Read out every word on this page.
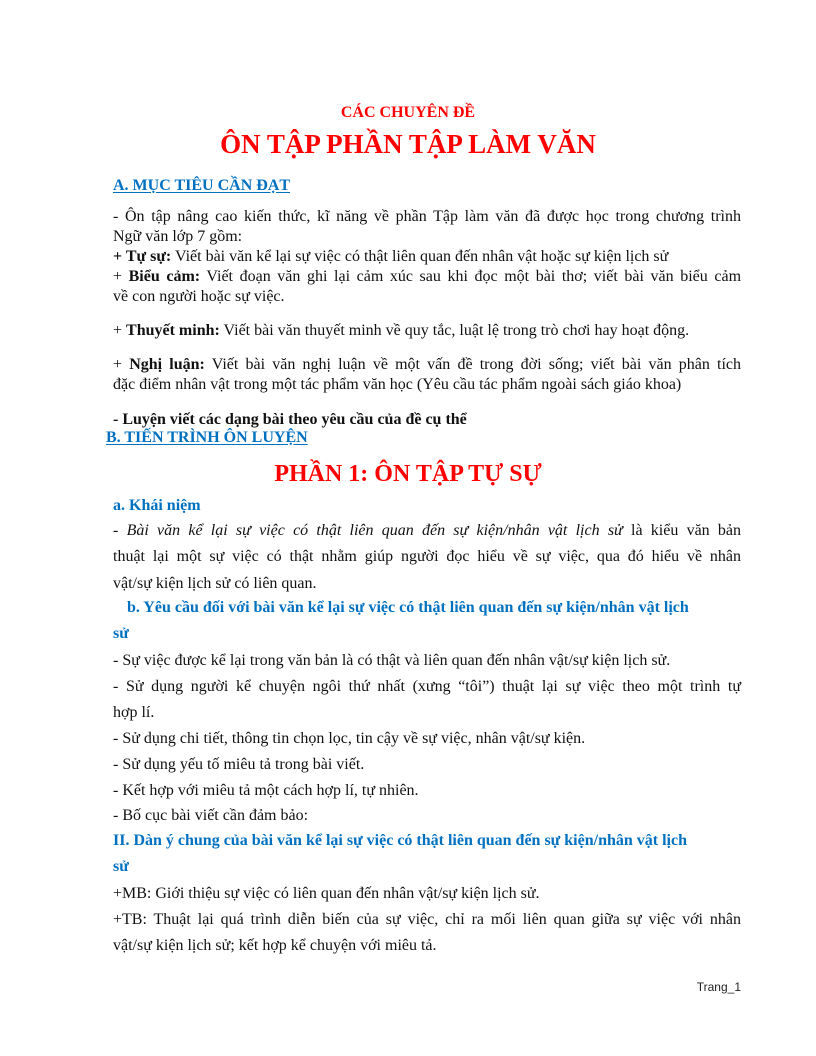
CÁC CHUYÊN ĐỀ
ÔN TẬP PHẦN TẬP LÀM VĂN
A. MỤC TIÊU CẦN ĐẠT
- Ôn tập nâng cao kiến thức, kĩ năng về phần Tập làm văn đã được học trong chương trình
Ngữ văn lớp 7 gồm:
+ Tự sự: Viết bài văn kể lại sự việc có thật liên quan đến nhân vật hoặc sự kiện lịch sử
+ Biểu cảm: Viết đoạn văn ghi lại cảm xúc sau khi đọc một bài thơ; viết bài văn biểu cảm
về con người hoặc sự việc.
+ Thuyết minh: Viết bài văn thuyết minh về quy tắc, luật lệ trong trò chơi hay hoạt động.
+ Nghị luận: Viết bài văn nghị luận về một vấn đề trong đời sống; viết bài văn phân tích
đặc điểm nhân vật trong một tác phẩm văn học (Yêu cầu tác phẩm ngoài sách giáo khoa)
- Luyện viết các dạng bài theo yêu cầu của đề cụ thể
B. TIẾN TRÌNH ÔN LUYỆN
PHẦN 1: ÔN TẬP TỰ SỰ
a. Khái niệm
- Bài văn kể lại sự việc có thật liên quan đến sự kiện/nhân vật lịch sử là kiểu văn bản
thuật lại một sự việc có thật nhằm giúp người đọc hiểu về sự việc, qua đó hiểu về nhân
vật/sự kiện lịch sử có liên quan.
b. Yêu cầu đối với bài văn kể lại sự việc có thật liên quan đến sự kiện/nhân vật lịch
sử
- Sự việc được kể lại trong văn bản là có thật và liên quan đến nhân vật/sự kiện lịch sử.
- Sử dụng người kể chuyện ngôi thứ nhất (xưng “tôi”) thuật lại sự việc theo một trình tự
hợp lí.
- Sử dụng chi tiết, thông tin chọn lọc, tin cậy về sự việc, nhân vật/sự kiện.
- Sử dụng yếu tố miêu tả trong bài viết.
- Kết hợp với miêu tả một cách hợp lí, tự nhiên.
- Bố cục bài viết cần đảm bảo:
II. Dàn ý chung của bài văn kể lại sự việc có thật liên quan đến sự kiện/nhân vật lịch
sử
+MB: Giới thiệu sự việc có liên quan đến nhân vật/sự kiện lịch sử.
+TB: Thuật lại quá trình diễn biến của sự việc, chỉ ra mối liên quan giữa sự việc với nhân
vật/sự kiện lịch sử; kết hợp kể chuyện với miêu tả.
Trang_1
